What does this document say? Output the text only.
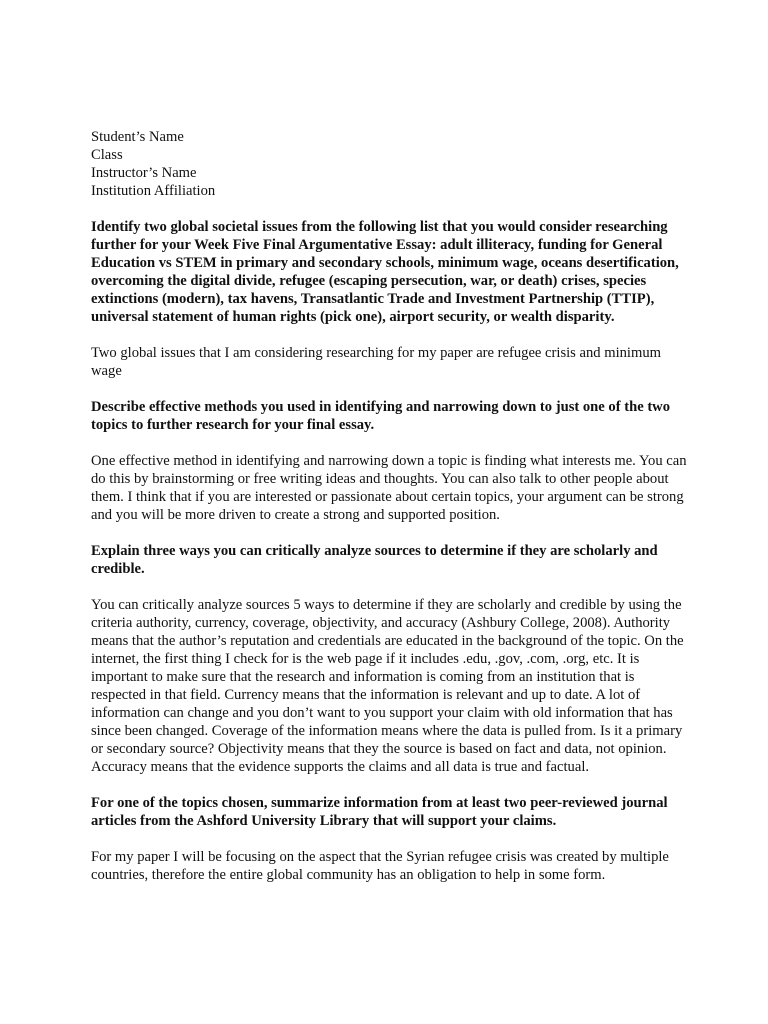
Student’s Name

Class

Instructor’s Name

Institution Affiliation

Identify two global societal issues from the following list that you would consider researching further for your Week Five Final Argumentative Essay: adult illiteracy, funding for General Education vs STEM in primary and secondary schools, minimum wage, oceans desertification, overcoming the digital divide, refugee (escaping persecution, war, or death) crises, species extinctions (modern), tax havens, Transatlantic Trade and Investment Partnership (TTIP), universal statement of human rights (pick one), airport security, or wealth disparity.

Two global issues that I am considering researching for my paper are refugee crisis and minimum wage

Describe effective methods you used in identifying and narrowing down to just one of the two topics to further research for your final essay.

One effective method in identifying and narrowing down a topic is finding what interests me. You can do this by brainstorming or free writing ideas and thoughts. You can also talk to other people about them. I think that if you are interested or passionate about certain topics, your argument can be strong and you will be more driven to create a strong and supported position.

Explain three ways you can critically analyze sources to determine if they are scholarly and credible.

You can critically analyze sources 5 ways to determine if they are scholarly and credible by using the criteria authority, currency, coverage, objectivity, and accuracy (Ashbury College, 2008). Authority means that the author’s reputation and credentials are educated in the background of the topic. On the internet, the first thing I check for is the web page if it includes .edu, .gov, .com, .org, etc. It is important to make sure that the research and information is coming from an institution that is respected in that field. Currency means that the information is relevant and up to date. A lot of information can change and you don’t want to you support your claim with old information that has since been changed. Coverage of the information means where the data is pulled from. Is it a primary or secondary source? Objectivity means that they the source is based on fact and data, not opinion. Accuracy means that the evidence supports the claims and all data is true and factual.

For one of the topics chosen, summarize information from at least two peer-reviewed journal articles from the Ashford University Library that will support your claims.

For my paper I will be focusing on the aspect that the Syrian refugee crisis was created by multiple countries, therefore the entire global community has an obligation to help in some form.
